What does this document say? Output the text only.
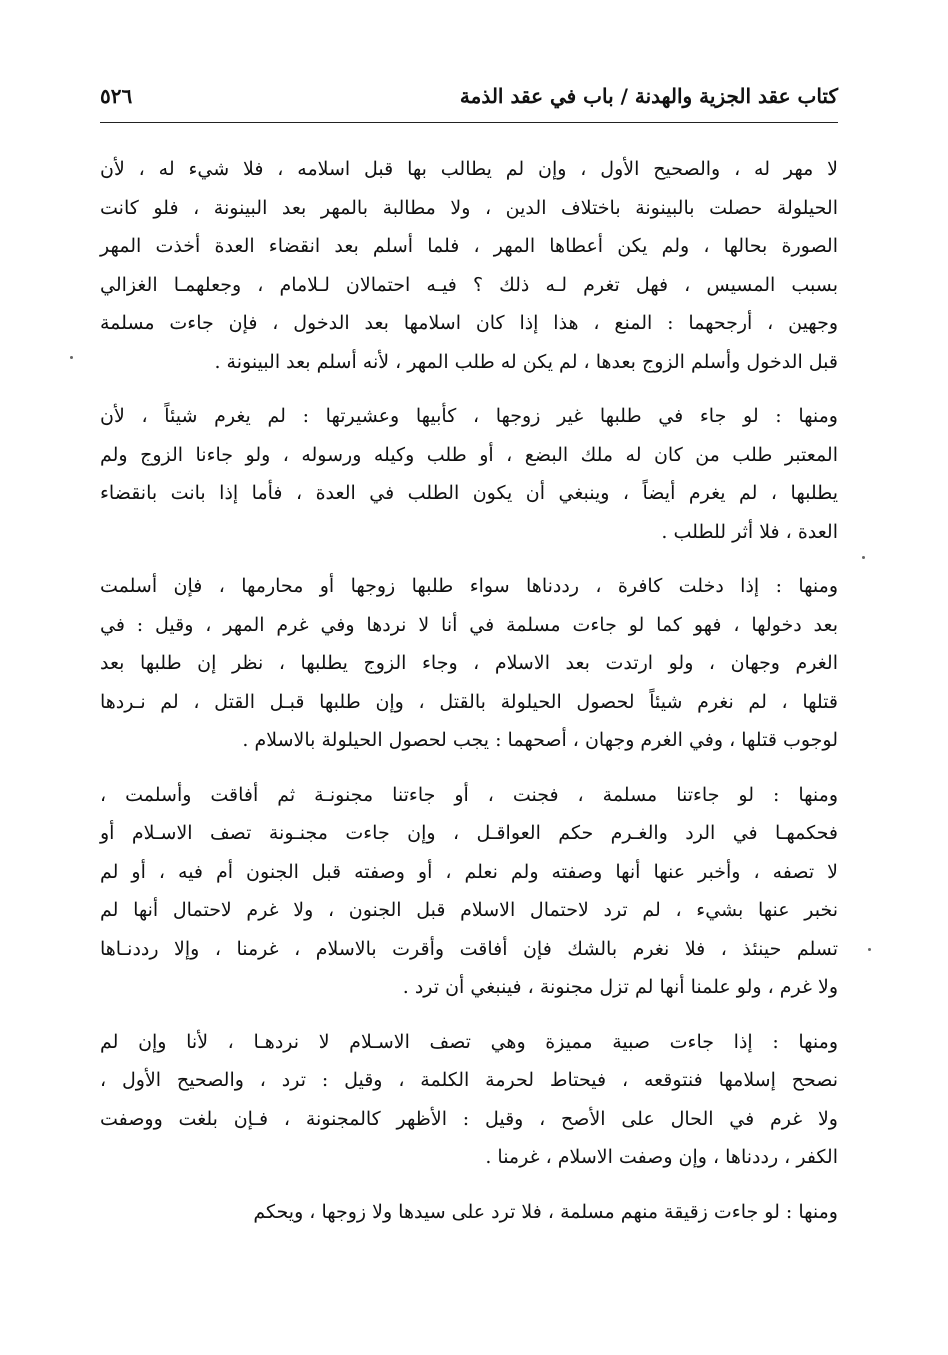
كتاب عقد الجزية والهدنة / باب في عقد الذمة
٥٢٦
لا مهر له ، والصحيح الأول ، وإن لم يطالب بها قبل اسلامه ، فلا شيء له ، لأن
الحيلولة حصلت بالبينونة باختلاف الدين ، ولا مطالبة بالمهر بعد البينونة ، فلو كانت
الصورة بحالها ، ولم يكن أعطاها المهر ، فلما أسلم بعد انقضاء العدة أخذت المهر
بسبب المسيس ، فهل تغرم لـه ذلك ؟ فيـه احتمالان لـلامام ، وجعلهمـا الغزالي
وجهين ، أرجحهما : المنع ، هذا إذا كان اسلامها بعد الدخول ، فإن جاءت مسلمة
قبل الدخول وأسلم الزوج بعدها ، لم يكن له طلب المهر ، لأنه أسلم بعد البينونة .
ومنها : لو جاء في طلبها غير زوجها ، كأبيها وعشيرتها : لم يغرم شيئاً ، لأن
المعتبر طلب من كان له ملك البضع ، أو طلب وكيله ورسوله ، ولو جاءنا الزوج ولم
يطلبها ، لم يغرم أيضاً ، وينبغي أن يكون الطلب في العدة ، فأما إذا بانت بانقضاء
العدة ، فلا أثر للطلب .
ومنها : إذا دخلت كافرة ، رددناها سواء طلبها زوجها أو محارمها ، فإن أسلمت
بعد دخولها ، فهو كما لو جاءت مسلمة في أنا لا نردها وفي غرم المهر ، وقيل : في
الغرم وجهان ، ولو ارتدت بعد الاسلام ، وجاء الزوج يطلبها ، نظر إن طلبها بعد
قتلها ، لم نغرم شيئاً لحصول الحيلولة بالقتل ، وإن طلبها قبـل القتل ، لم نـردها
لوجوب قتلها ، وفي الغرم وجهان ، أصحهما : يجب لحصول الحيلولة بالاسلام .
ومنها : لو جاءتنا مسلمة ، فجنت ، أو جاءتنا مجنونـة ثم أفاقت وأسلمت ،
فحكمهـا في الرد والغـرم حكم العواقـل ، وإن جاءت مجنـونة تصف الاسـلام أو
لا تصفه ، وأخبر عنها أنها وصفته ولم نعلم ، أو وصفته قبل الجنون أم فيه ، أو لم
نخبر عنها بشيء ، لم ترد لاحتمال الاسلام قبل الجنون ، ولا غرم لاحتمال أنها لم
تسلم حينئذ ، فلا نغرم بالشك فإن أفاقت وأقرت بالاسلام ، غرمنا ، وإلا رددنـاها
ولا غرم ، ولو علمنا أنها لم تزل مجنونة ، فينبغي أن ترد .
ومنها : إذا جاءت صبية مميزة وهي تصف الاسـلام لا نردهـا ، لأنا وإن لم
نصحح إسلامها فنتوقعه ، فيحتاط لحرمة الكلمة ، وقيل : ترد ، والصحيح الأول ،
ولا غرم في الحال على الأصح ، وقيل : الأظهر كالمجنونة ، فـإن بلغت ووصفت
الكفر ، رددناها ، وإن وصفت الاسلام ، غرمنا .
ومنها : لو جاءت زقيقة منهم مسلمة ، فلا ترد على سيدها ولا زوجها ، ويحكم
